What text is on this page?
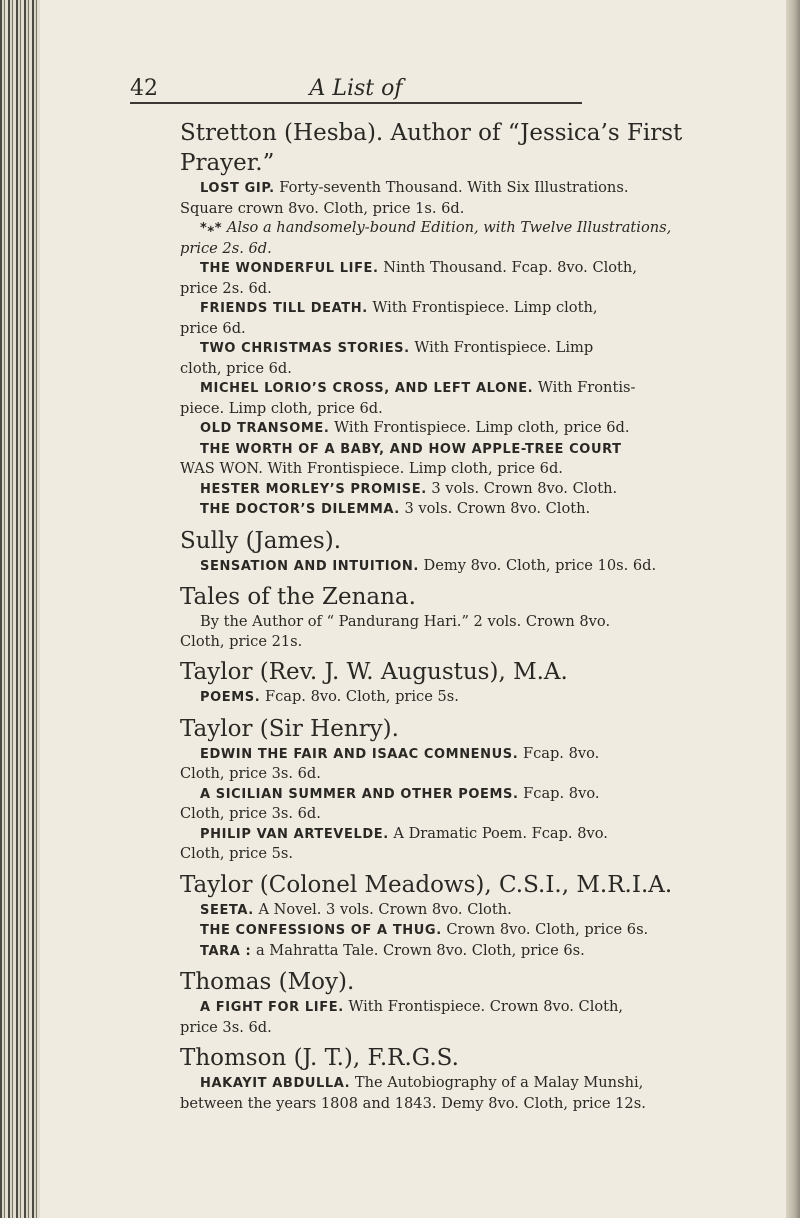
42	A List of

Stretton (Hesba). Author of “Jessica’s First Prayer.”

LOST GIP. Forty-seventh Thousand. With Six Illustrations.
Square crown 8vo. Cloth, price 1s. 6d.

*⁎* Also a handsomely-bound Edition, with Twelve Illustrations,
price 2s. 6d.

THE WONDERFUL LIFE. Ninth Thousand. Fcap. 8vo. Cloth,
price 2s. 6d.

FRIENDS TILL DEATH. With Frontispiece. Limp cloth,
price 6d.

TWO CHRISTMAS STORIES. With Frontispiece. Limp
cloth, price 6d.

MICHEL LORIO’S CROSS, AND LEFT ALONE. With Frontis-
piece. Limp cloth, price 6d.

OLD TRANSOME. With Frontispiece. Limp cloth, price 6d.

THE WORTH OF A BABY, AND HOW APPLE-TREE COURT
WAS WON. With Frontispiece. Limp cloth, price 6d.

HESTER MORLEY’S PROMISE. 3 vols. Crown 8vo. Cloth.

THE DOCTOR’S DILEMMA. 3 vols. Crown 8vo. Cloth.

Sully (James).

SENSATION AND INTUITION. Demy 8vo. Cloth, price 10s. 6d.

Tales of the Zenana.

By the Author of “ Pandurang Hari.” 2 vols. Crown 8vo.
Cloth, price 21s.

Taylor (Rev. J. W. Augustus), M.A.

POEMS. Fcap. 8vo. Cloth, price 5s.

Taylor (Sir Henry).

EDWIN THE FAIR AND ISAAC COMNENUS. Fcap. 8vo.
Cloth, price 3s. 6d.

A SICILIAN SUMMER AND OTHER POEMS. Fcap. 8vo.
Cloth, price 3s. 6d.

PHILIP VAN ARTEVELDE. A Dramatic Poem. Fcap. 8vo.
Cloth, price 5s.

Taylor (Colonel Meadows), C.S.I., M.R.I.A.

SEETA. A Novel. 3 vols. Crown 8vo. Cloth.

THE CONFESSIONS OF A THUG. Crown 8vo. Cloth, price 6s.

TARA : a Mahratta Tale. Crown 8vo. Cloth, price 6s.

Thomas (Moy).

A FIGHT FOR LIFE. With Frontispiece. Crown 8vo. Cloth,
price 3s. 6d.

Thomson (J. T.), F.R.G.S.

HAKAYIT ABDULLA. The Autobiography of a Malay Munshi,
between the years 1808 and 1843. Demy 8vo. Cloth, price 12s.
